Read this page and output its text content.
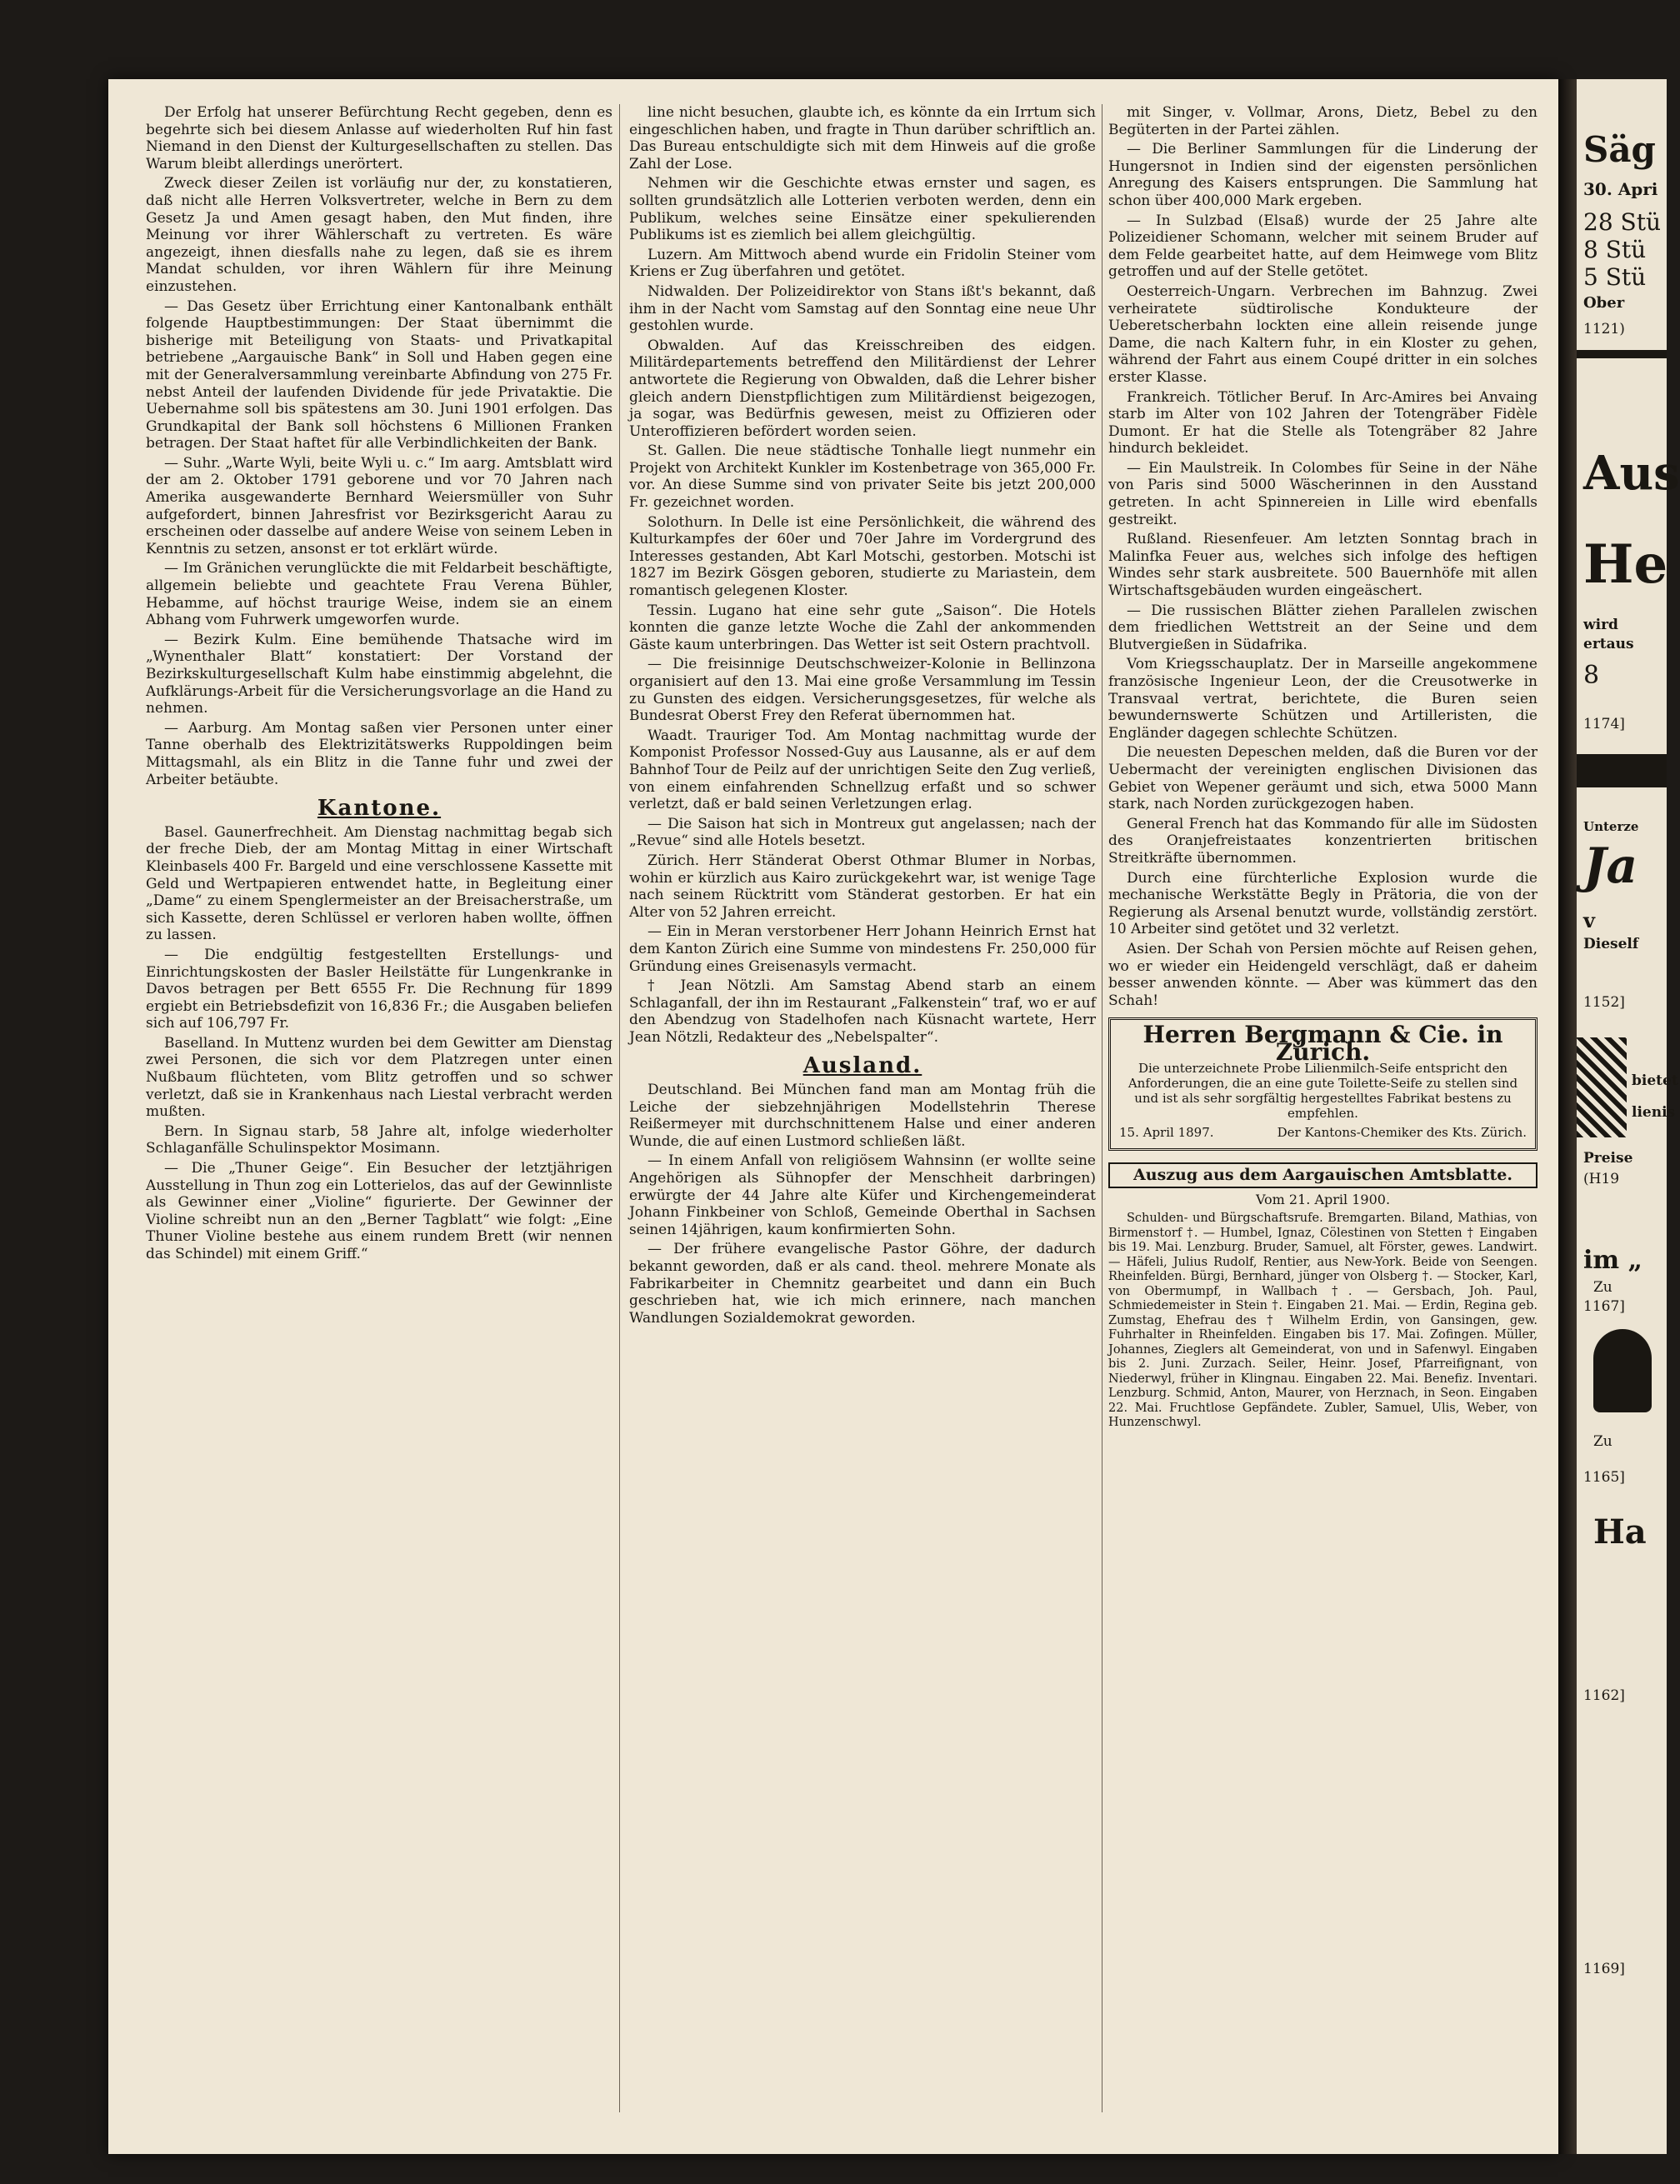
Der Erfolg hat unserer Befürchtung Recht gegeben, denn es begehrte sich bei diesem Anlasse auf wiederholten Ruf hin fast Niemand in den Dienst der Kulturgesellschaften zu stellen. Das Warum bleibt allerdings unerörtert.

Zweck dieser Zeilen ist vorläufig nur der, zu konstatieren, daß nicht alle Herren Volksvertreter, welche in Bern zu dem Gesetz Ja und Amen gesagt haben, den Mut finden, ihre Meinung vor ihrer Wählerschaft zu vertreten. Es wäre angezeigt, ihnen diesfalls nahe zu legen, daß sie es ihrem Mandat schulden, vor ihren Wählern für ihre Meinung einzustehen.

— Das Gesetz über Errichtung einer Kantonalbank enthält folgende Hauptbestimmungen: Der Staat übernimmt die bisherige mit Beteiligung von Staats- und Privatkapital betriebene „Aargauische Bank“ in Soll und Haben gegen eine mit der Generalversammlung vereinbarte Abfindung von 275 Fr. nebst Anteil der laufenden Dividende für jede Privataktie. Die Uebernahme soll bis spätestens am 30. Juni 1901 erfolgen. Das Grundkapital der Bank soll höchstens 6 Millionen Franken betragen. Der Staat haftet für alle Verbindlichkeiten der Bank.

— Suhr. „Warte Wyli, beite Wyli u. c.“ Im aarg. Amtsblatt wird der am 2. Oktober 1791 geborene und vor 70 Jahren nach Amerika ausgewanderte Bernhard Weiersmüller von Suhr aufgefordert, binnen Jahresfrist vor Bezirksgericht Aarau zu erscheinen oder dasselbe auf andere Weise von seinem Leben in Kenntnis zu setzen, ansonst er tot erklärt würde.

— Im Gränichen verunglückte die mit Feldarbeit beschäftigte, allgemein beliebte und geachtete Frau Verena Bühler, Hebamme, auf höchst traurige Weise, indem sie an einem Abhang vom Fuhrwerk umgeworfen wurde.

— Bezirk Kulm. Eine bemühende Thatsache wird im „Wynenthaler Blatt“ konstatiert: Der Vorstand der Bezirkskulturgesellschaft Kulm habe einstimmig abgelehnt, die Aufklärungs-Arbeit für die Versicherungsvorlage an die Hand zu nehmen.

— Aarburg. Am Montag saßen vier Personen unter einer Tanne oberhalb des Elektrizitätswerks Ruppoldingen beim Mittagsmahl, als ein Blitz in die Tanne fuhr und zwei der Arbeiter betäubte.

Kantone.

Basel. Gaunerfrechheit. Am Dienstag nachmittag begab sich der freche Dieb, der am Montag Mittag in einer Wirtschaft Kleinbasels 400 Fr. Bargeld und eine verschlossene Kassette mit Geld und Wertpapieren entwendet hatte, in Begleitung einer „Dame“ zu einem Spenglermeister an der Breisacherstraße, um sich Kassette, deren Schlüssel er verloren haben wollte, öffnen zu lassen.

— Die endgültig festgestellten Erstellungs- und Einrichtungskosten der Basler Heilstätte für Lungenkranke in Davos betragen per Bett 6555 Fr. Die Rechnung für 1899 ergiebt ein Betriebsdefizit von 16,836 Fr.; die Ausgaben beliefen sich auf 106,797 Fr.

Baselland. In Muttenz wurden bei dem Gewitter am Dienstag zwei Personen, die sich vor dem Platzregen unter einen Nußbaum flüchteten, vom Blitz getroffen und so schwer verletzt, daß sie in Krankenhaus nach Liestal verbracht werden mußten.

Bern. In Signau starb, 58 Jahre alt, infolge wiederholter Schlaganfälle Schulinspektor Mosimann.

— Die „Thuner Geige“. Ein Besucher der letztjährigen Ausstellung in Thun zog ein Lotterielos, das auf der Gewinnliste als Gewinner einer „Violine“ figurierte. Der Gewinner der Violine schreibt nun an den „Berner Tagblatt“ wie folgt: „Eine Thuner Violine bestehe aus einem rundem Brett (wir nennen das Schindel) mit einem Griff.“

line nicht besuchen, glaubte ich, es könnte da ein Irrtum sich eingeschlichen haben, und fragte in Thun darüber schriftlich an. Das Bureau entschuldigte sich mit dem Hinweis auf die große Zahl der Lose.

Nehmen wir die Geschichte etwas ernster und sagen, es sollten grundsätzlich alle Lotterien verboten werden, denn ein Publikum, welches seine Einsätze einer spekulierenden Publikums ist es ziemlich bei allem gleichgültig.

Luzern. Am Mittwoch abend wurde ein Fridolin Steiner vom Kriens er Zug überfahren und getötet.

Nidwalden. Der Polizeidirektor von Stans ißt's bekannt, daß ihm in der Nacht vom Samstag auf den Sonntag eine neue Uhr gestohlen wurde.

Obwalden. Auf das Kreisschreiben des eidgen. Militärdepartements betreffend den Militärdienst der Lehrer antwortete die Regierung von Obwalden, daß die Lehrer bisher gleich andern Dienstpflichtigen zum Militärdienst beigezogen, ja sogar, was Bedürfnis gewesen, meist zu Offizieren oder Unteroffizieren befördert worden seien.

St. Gallen. Die neue städtische Tonhalle liegt nunmehr ein Projekt von Architekt Kunkler im Kostenbetrage von 365,000 Fr. vor. An diese Summe sind von privater Seite bis jetzt 200,000 Fr. gezeichnet worden.

Solothurn. In Delle ist eine Persönlichkeit, die während des Kulturkampfes der 60er und 70er Jahre im Vordergrund des Interesses gestanden, Abt Karl Motschi, gestorben. Motschi ist 1827 im Bezirk Gösgen geboren, studierte zu Mariastein, dem romantisch gelegenen Kloster.

Tessin. Lugano hat eine sehr gute „Saison“. Die Hotels konnten die ganze letzte Woche die Zahl der ankommenden Gäste kaum unterbringen. Das Wetter ist seit Ostern prachtvoll.

— Die freisinnige Deutschschweizer-Kolonie in Bellinzona organisiert auf den 13. Mai eine große Versammlung im Tessin zu Gunsten des eidgen. Versicherungsgesetzes, für welche als Bundesrat Oberst Frey den Referat übernommen hat.

Waadt. Trauriger Tod. Am Montag nachmittag wurde der Komponist Professor Nossed-Guy aus Lausanne, als er auf dem Bahnhof Tour de Peilz auf der unrichtigen Seite den Zug verließ, von einem einfahrenden Schnellzug erfaßt und so schwer verletzt, daß er bald seinen Verletzungen erlag.

— Die Saison hat sich in Montreux gut angelassen; nach der „Revue“ sind alle Hotels besetzt.

Zürich. Herr Ständerat Oberst Othmar Blumer in Norbas, wohin er kürzlich aus Kairo zurückgekehrt war, ist wenige Tage nach seinem Rücktritt vom Ständerat gestorben. Er hat ein Alter von 52 Jahren erreicht.

— Ein in Meran verstorbener Herr Johann Heinrich Ernst hat dem Kanton Zürich eine Summe von mindestens Fr. 250,000 für Gründung eines Greisenasyls vermacht.

† Jean Nötzli. Am Samstag Abend starb an einem Schlaganfall, der ihn im Restaurant „Falkenstein“ traf, wo er auf den Abendzug von Stadelhofen nach Küsnacht wartete, Herr Jean Nötzli, Redakteur des „Nebelspalter“.

Ausland.

Deutschland. Bei München fand man am Montag früh die Leiche der siebzehnjährigen Modellstehrin Therese Reißermeyer mit durchschnittenem Halse und einer anderen Wunde, die auf einen Lustmord schließen läßt.

— In einem Anfall von religiösem Wahnsinn (er wollte seine Angehörigen als Sühnopfer der Menschheit darbringen) erwürgte der 44 Jahre alte Küfer und Kirchengemeinderat Johann Finkbeiner von Schloß, Gemeinde Oberthal in Sachsen seinen 14jährigen, kaum konfirmierten Sohn.

— Der frühere evangelische Pastor Göhre, der dadurch bekannt geworden, daß er als cand. theol. mehrere Monate als Fabrikarbeiter in Chemnitz gearbeitet und dann ein Buch geschrieben hat, wie ich mich erinnere, nach manchen Wandlungen Sozialdemokrat geworden.

mit Singer, v. Vollmar, Arons, Dietz, Bebel zu den Begüterten in der Partei zählen.

— Die Berliner Sammlungen für die Linderung der Hungersnot in Indien sind der eigensten persönlichen Anregung des Kaisers entsprungen. Die Sammlung hat schon über 400,000 Mark ergeben.

— In Sulzbad (Elsaß) wurde der 25 Jahre alte Polizeidiener Schomann, welcher mit seinem Bruder auf dem Felde gearbeitet hatte, auf dem Heimwege vom Blitz getroffen und auf der Stelle getötet.

Oesterreich-Ungarn. Verbrechen im Bahnzug. Zwei verheiratete südtirolische Kondukteure der Ueberetscherbahn lockten eine allein reisende junge Dame, die nach Kaltern fuhr, in ein Kloster zu gehen, während der Fahrt aus einem Coupé dritter in ein solches erster Klasse.

Frankreich. Tötlicher Beruf. In Arc-Amires bei Anvaing starb im Alter von 102 Jahren der Totengräber Fidèle Dumont. Er hat die Stelle als Totengräber 82 Jahre hindurch bekleidet.

— Ein Maulstreik. In Colombes für Seine in der Nähe von Paris sind 5000 Wäscherinnen in den Ausstand getreten. In acht Spinnereien in Lille wird ebenfalls gestreikt.

Rußland. Riesenfeuer. Am letzten Sonntag brach in Malinfka Feuer aus, welches sich infolge des heftigen Windes sehr stark ausbreitete. 500 Bauernhöfe mit allen Wirtschaftsgebäuden wurden eingeäschert.

— Die russischen Blätter ziehen Parallelen zwischen dem friedlichen Wettstreit an der Seine und dem Blutvergießen in Südafrika.

Vom Kriegsschauplatz. Der in Marseille angekommene französische Ingenieur Leon, der die Creusotwerke in Transvaal vertrat, berichtete, die Buren seien bewundernswerte Schützen und Artilleristen, die Engländer dagegen schlechte Schützen.

Die neuesten Depeschen melden, daß die Buren vor der Uebermacht der vereinigten englischen Divisionen das Gebiet von Wepener geräumt und sich, etwa 5000 Mann stark, nach Norden zurückgezogen haben.

General French hat das Kommando für alle im Südosten des Oranjefreistaates konzentrierten britischen Streitkräfte übernommen.

Durch eine fürchterliche Explosion wurde die mechanische Werkstätte Begly in Prätoria, die von der Regierung als Arsenal benutzt wurde, vollständig zerstört. 10 Arbeiter sind getötet und 32 verletzt.

Asien. Der Schah von Persien möchte auf Reisen gehen, wo er wieder ein Heidengeld verschlägt, daß er daheim besser anwenden könnte. — Aber was kümmert das den Schah!

Herren Bergmann & Cie. in Zürich.
Die unterzeichnete Probe Lilienmilch-Seife entspricht den Anforderungen, die an eine gute Toilette-Seife zu stellen sind und ist als sehr sorgfältig hergestelltes Fabrikat bestens zu empfehlen.
15. April 1897.	Der Kantons-Chemiker des Kts. Zürich.
Auszug aus dem Aargauischen Amtsblatte.
Vom 21. April 1900.

Schulden- und Bürgschaftsrufe. Bremgarten. Biland, Mathias, von Birmenstorf †. — Humbel, Ignaz, Cölestinen von Stetten † Eingaben bis 19. Mai. Lenzburg. Bruder, Samuel, alt Förster, gewes. Landwirt. — Häfeli, Julius Rudolf, Rentier, aus New-York. Beide von Seengen. Rheinfelden. Bürgi, Bernhard, jünger von Olsberg †. — Stocker, Karl, von Obermumpf, in Wallbach †. — Gersbach, Joh. Paul, Schmiedemeister in Stein †. Eingaben 21. Mai. — Erdin, Regina geb. Zumstag, Ehefrau des † Wilhelm Erdin, von Gansingen, gew. Fuhrhalter in Rheinfelden. Eingaben bis 17. Mai. Zofingen. Müller, Johannes, Zieglers alt Gemeinderat, von und in Safenwyl. Eingaben bis 2. Juni. Zurzach. Seiler, Heinr. Josef, Pfarreifignant, von Niederwyl, früher in Klingnau. Eingaben 22. Mai. Benefiz. Inventari. Lenzburg. Schmid, Anton, Maurer, von Herznach, in Seon. Eingaben 22. Mai. Fruchtlose Gepfändete. Zubler, Samuel, Ulis, Weber, von Hunzenschwyl.

Säg
30. Apri
28 Stü
8 Stü
5 Stü
Ober
1121)
Aus
He
wird
ertaus
8
1174]
Unterze
Ja
v
Dieself
1152]
bietet
lienis
Preise
(H19
im „
Zu
1167]
Zu
1165]
Ha
1162]
1169]
